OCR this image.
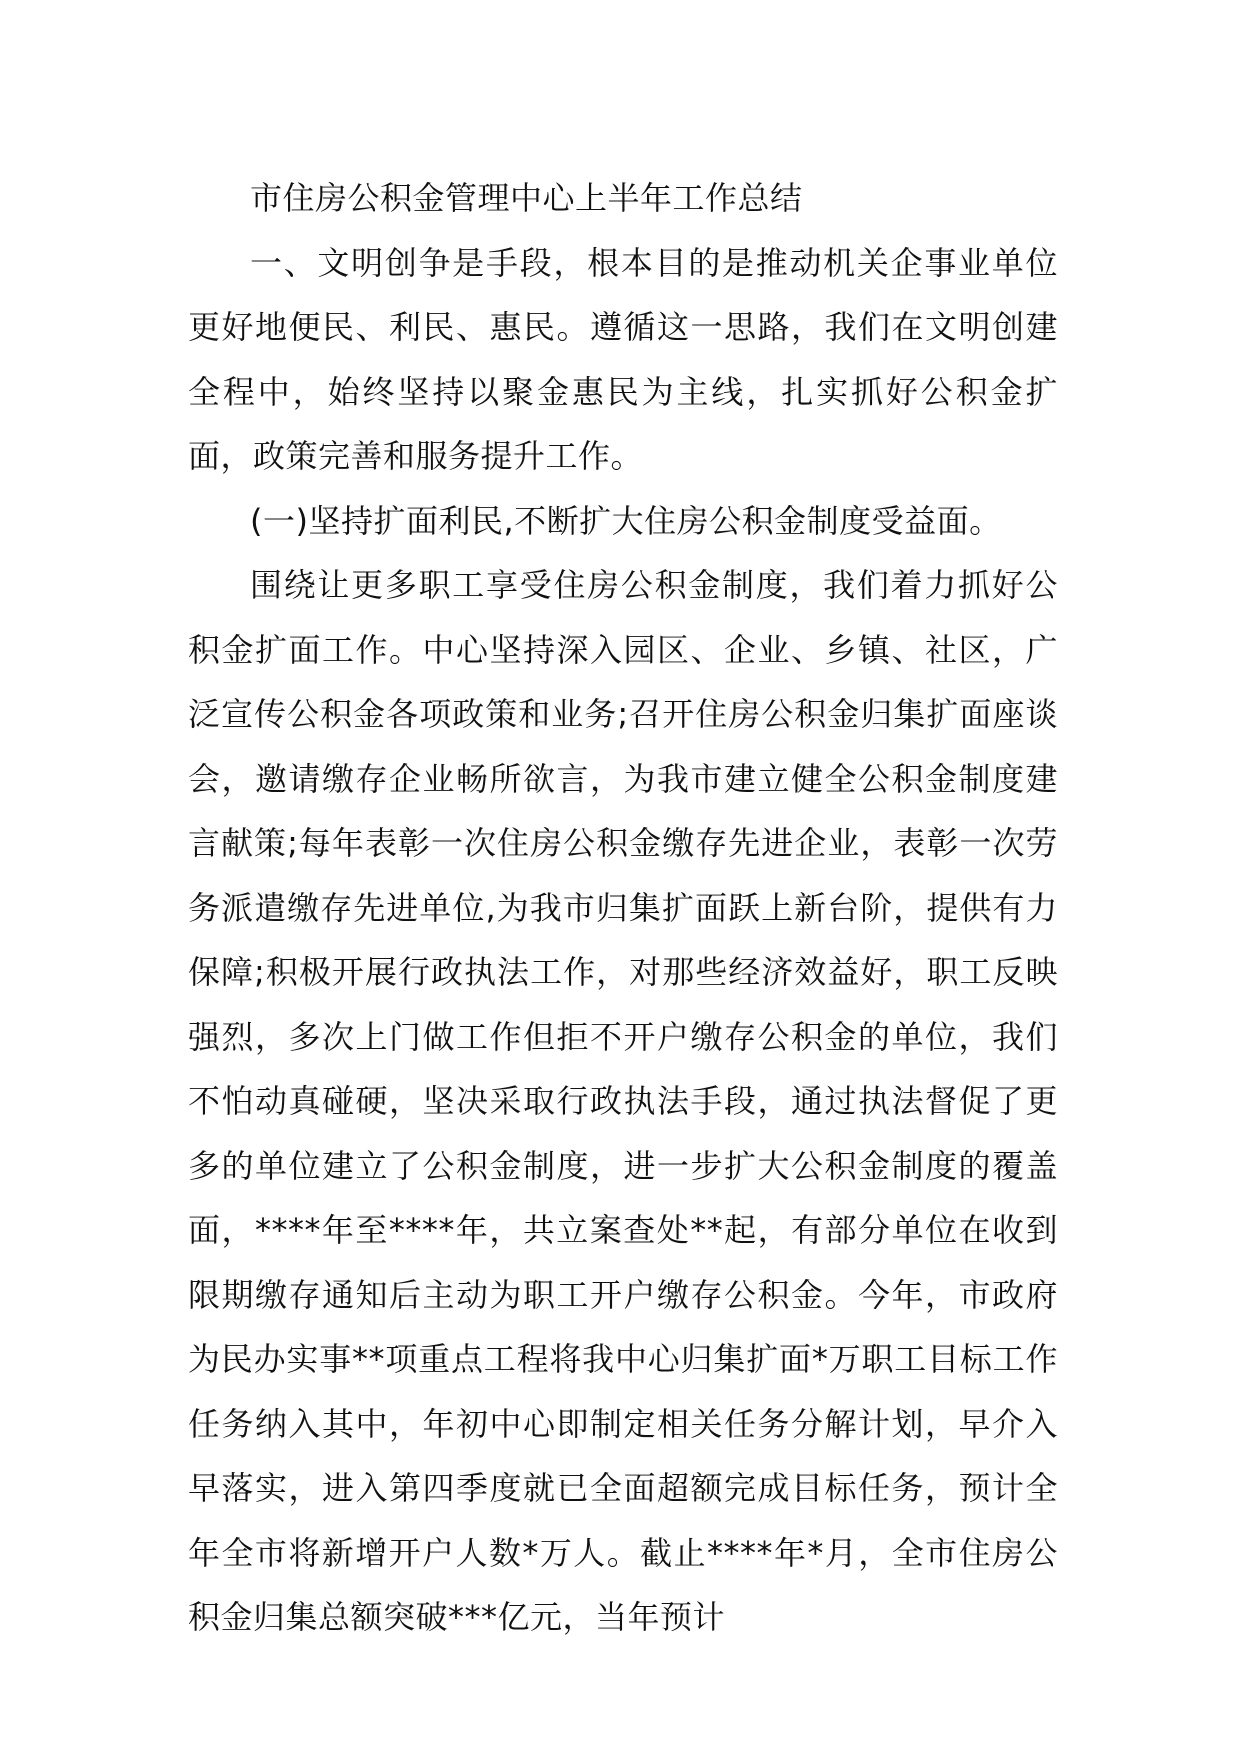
市住房公积金管理中心上半年工作总结

一、文明创争是手段，根本目的是推动机关企事业单位更好地便民、利民、惠民。遵循这一思路，我们在文明创建全程中，始终坚持以聚金惠民为主线，扎实抓好公积金扩面，政策完善和服务提升工作。

(一)坚持扩面利民,不断扩大住房公积金制度受益面。

围绕让更多职工享受住房公积金制度，我们着力抓好公积金扩面工作。中心坚持深入园区、企业、乡镇、社区，广泛宣传公积金各项政策和业务;召开住房公积金归集扩面座谈会，邀请缴存企业畅所欲言，为我市建立健全公积金制度建言献策;每年表彰一次住房公积金缴存先进企业，表彰一次劳务派遣缴存先进单位,为我市归集扩面跃上新台阶，提供有力保障;积极开展行政执法工作，对那些经济效益好，职工反映强烈，多次上门做工作但拒不开户缴存公积金的单位，我们不怕动真碰硬，坚决采取行政执法手段，通过执法督促了更多的单位建立了公积金制度，进一步扩大公积金制度的覆盖面，****年至****年，共立案查处**起，有部分单位在收到限期缴存通知后主动为职工开户缴存公积金。今年，市政府为民办实事**项重点工程将我中心归集扩面*万职工目标工作任务纳入其中，年初中心即制定相关任务分解计划，早介入早落实，进入第四季度就已全面超额完成目标任务，预计全年全市将新增开户人数*万人。截止****年*月，全市住房公积金归集总额突破***亿元，当年预计
